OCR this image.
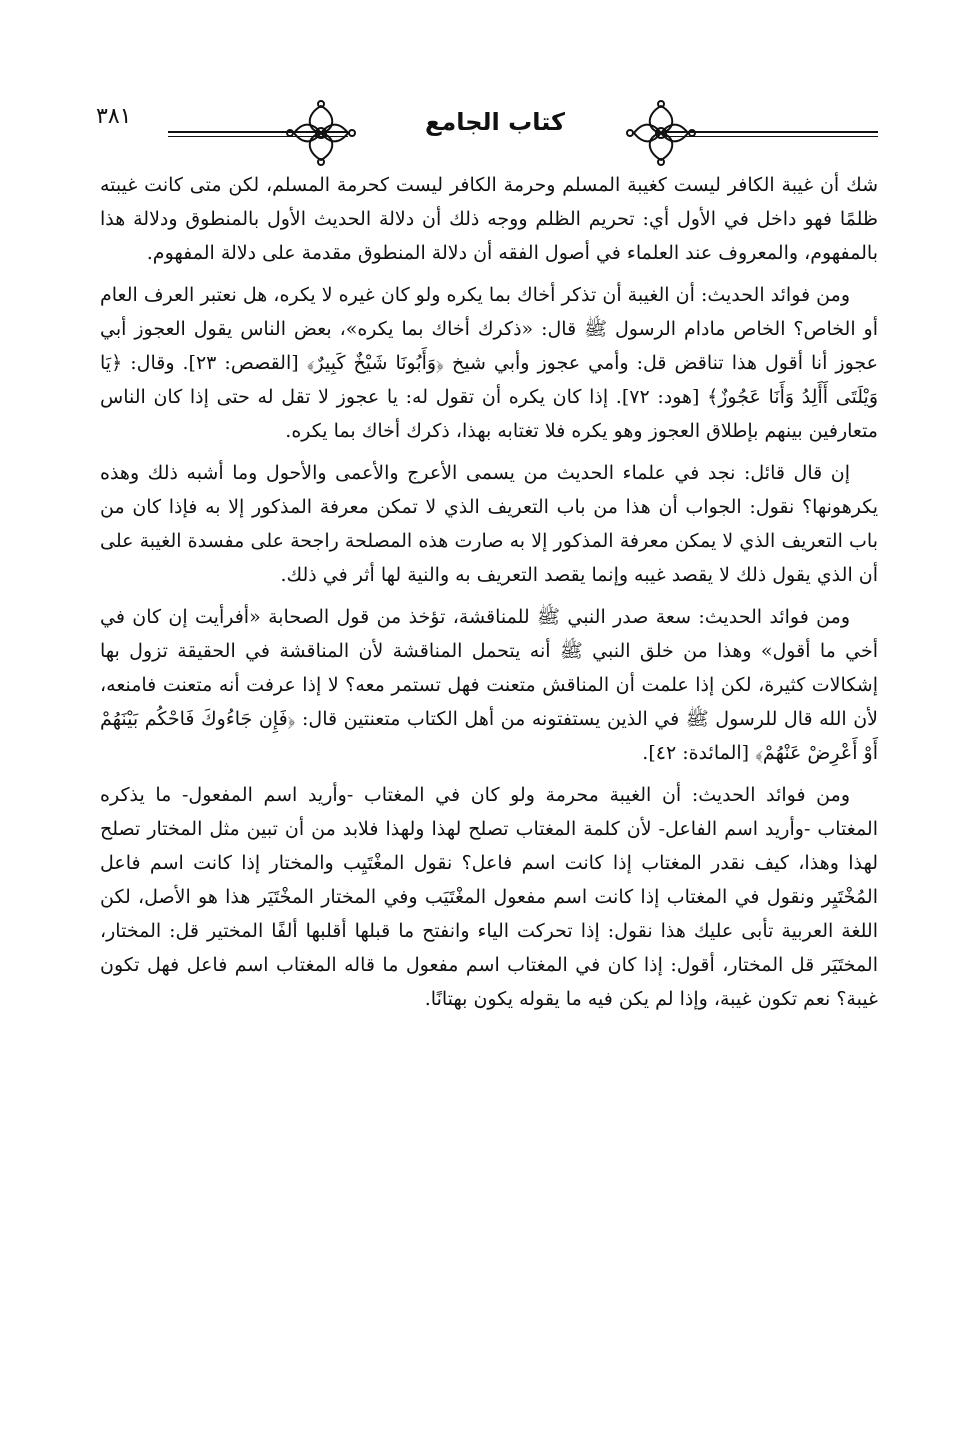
٣٨١	كتاب الجامع

شك أن غيبة الكافر ليست كغيبة المسلم وحرمة الكافر ليست كحرمة المسلم، لكن متى كانت غيبته ظلمًا فهو داخل في الأول أي: تحريم الظلم ووجه ذلك أن دلالة الحديث الأول بالمنطوق ودلالة هذا بالمفهوم، والمعروف عند العلماء في أصول الفقه أن دلالة المنطوق مقدمة على دلالة المفهوم.

ومن فوائد الحديث: أن الغيبة أن تذكر أخاك بما يكره ولو كان غيره لا يكره، هل نعتبر العرف العام أو الخاص؟ الخاص مادام الرسول ﷺ قال: «ذكرك أخاك بما يكره»، بعض الناس يقول العجوز أبي عجوز أنا أقول هذا تناقض قل: وأمي عجوز وأبي شيخ ﴿وَأَبُونَا شَيْخٌ كَبِيرٌ﴾ [القصص: ٢٣]. وقال: ﴿يَا وَيْلَتَى أَأَلِدُ وَأَنَا عَجُوزٌ﴾ [هود: ٧٢]. إذا كان يكره أن تقول له: يا عجوز لا تقل له حتى إذا كان الناس متعارفين بينهم بإطلاق العجوز وهو يكره فلا تغتابه بهذا، ذكرك أخاك بما يكره.

إن قال قائل: نجد في علماء الحديث من يسمى الأعرج والأعمى والأحول وما أشبه ذلك وهذه يكرهونها؟ نقول: الجواب أن هذا من باب التعريف الذي لا تمكن معرفة المذكور إلا به فإذا كان من باب التعريف الذي لا يمكن معرفة المذكور إلا به صارت هذه المصلحة راجحة على مفسدة الغيبة على أن الذي يقول ذلك لا يقصد غيبه وإنما يقصد التعريف به والنية لها أثر في ذلك.

ومن فوائد الحديث: سعة صدر النبي ﷺ للمناقشة، تؤخذ من قول الصحابة «أفرأيت إن كان في أخي ما أقول» وهذا من خلق النبي ﷺ أنه يتحمل المناقشة لأن المناقشة في الحقيقة تزول بها إشكالات كثيرة، لكن إذا علمت أن المناقش متعنت فهل تستمر معه؟ لا إذا عرفت أنه متعنت فامنعه، لأن الله قال للرسول ﷺ في الذين يستفتونه من أهل الكتاب متعنتين قال: ﴿فَإِن جَاءُوكَ فَاحْكُم بَيْنَهُمْ أَوْ أَعْرِضْ عَنْهُمْ﴾ [المائدة: ٤٢].

ومن فوائد الحديث: أن الغيبة محرمة ولو كان في المغتاب -وأريد اسم المفعول- ما يذكره المغتاب -وأريد اسم الفاعل- لأن كلمة المغتاب تصلح لهذا ولهذا فلابد من أن تبين مثل المختار تصلح لهذا وهذا، كيف نقدر المغتاب إذا كانت اسم فاعل؟ نقول المغْتَيِب والمختار إذا كانت اسم فاعل المُخْتَيِر ونقول في المغتاب إذا كانت اسم مفعول المغْتَيَب وفي المختار المخْتَيَر هذا هو الأصل، لكن اللغة العربية تأبى عليك هذا نقول: إذا تحركت الياء وانفتح ما قبلها أقلبها ألفًا المختير قل: المختار، المختَيَر قل المختار، أقول: إذا كان في المغتاب اسم مفعول ما قاله المغتاب اسم فاعل فهل تكون غيبة؟ نعم تكون غيبة، وإذا لم يكن فيه ما يقوله يكون بهتانًا.
